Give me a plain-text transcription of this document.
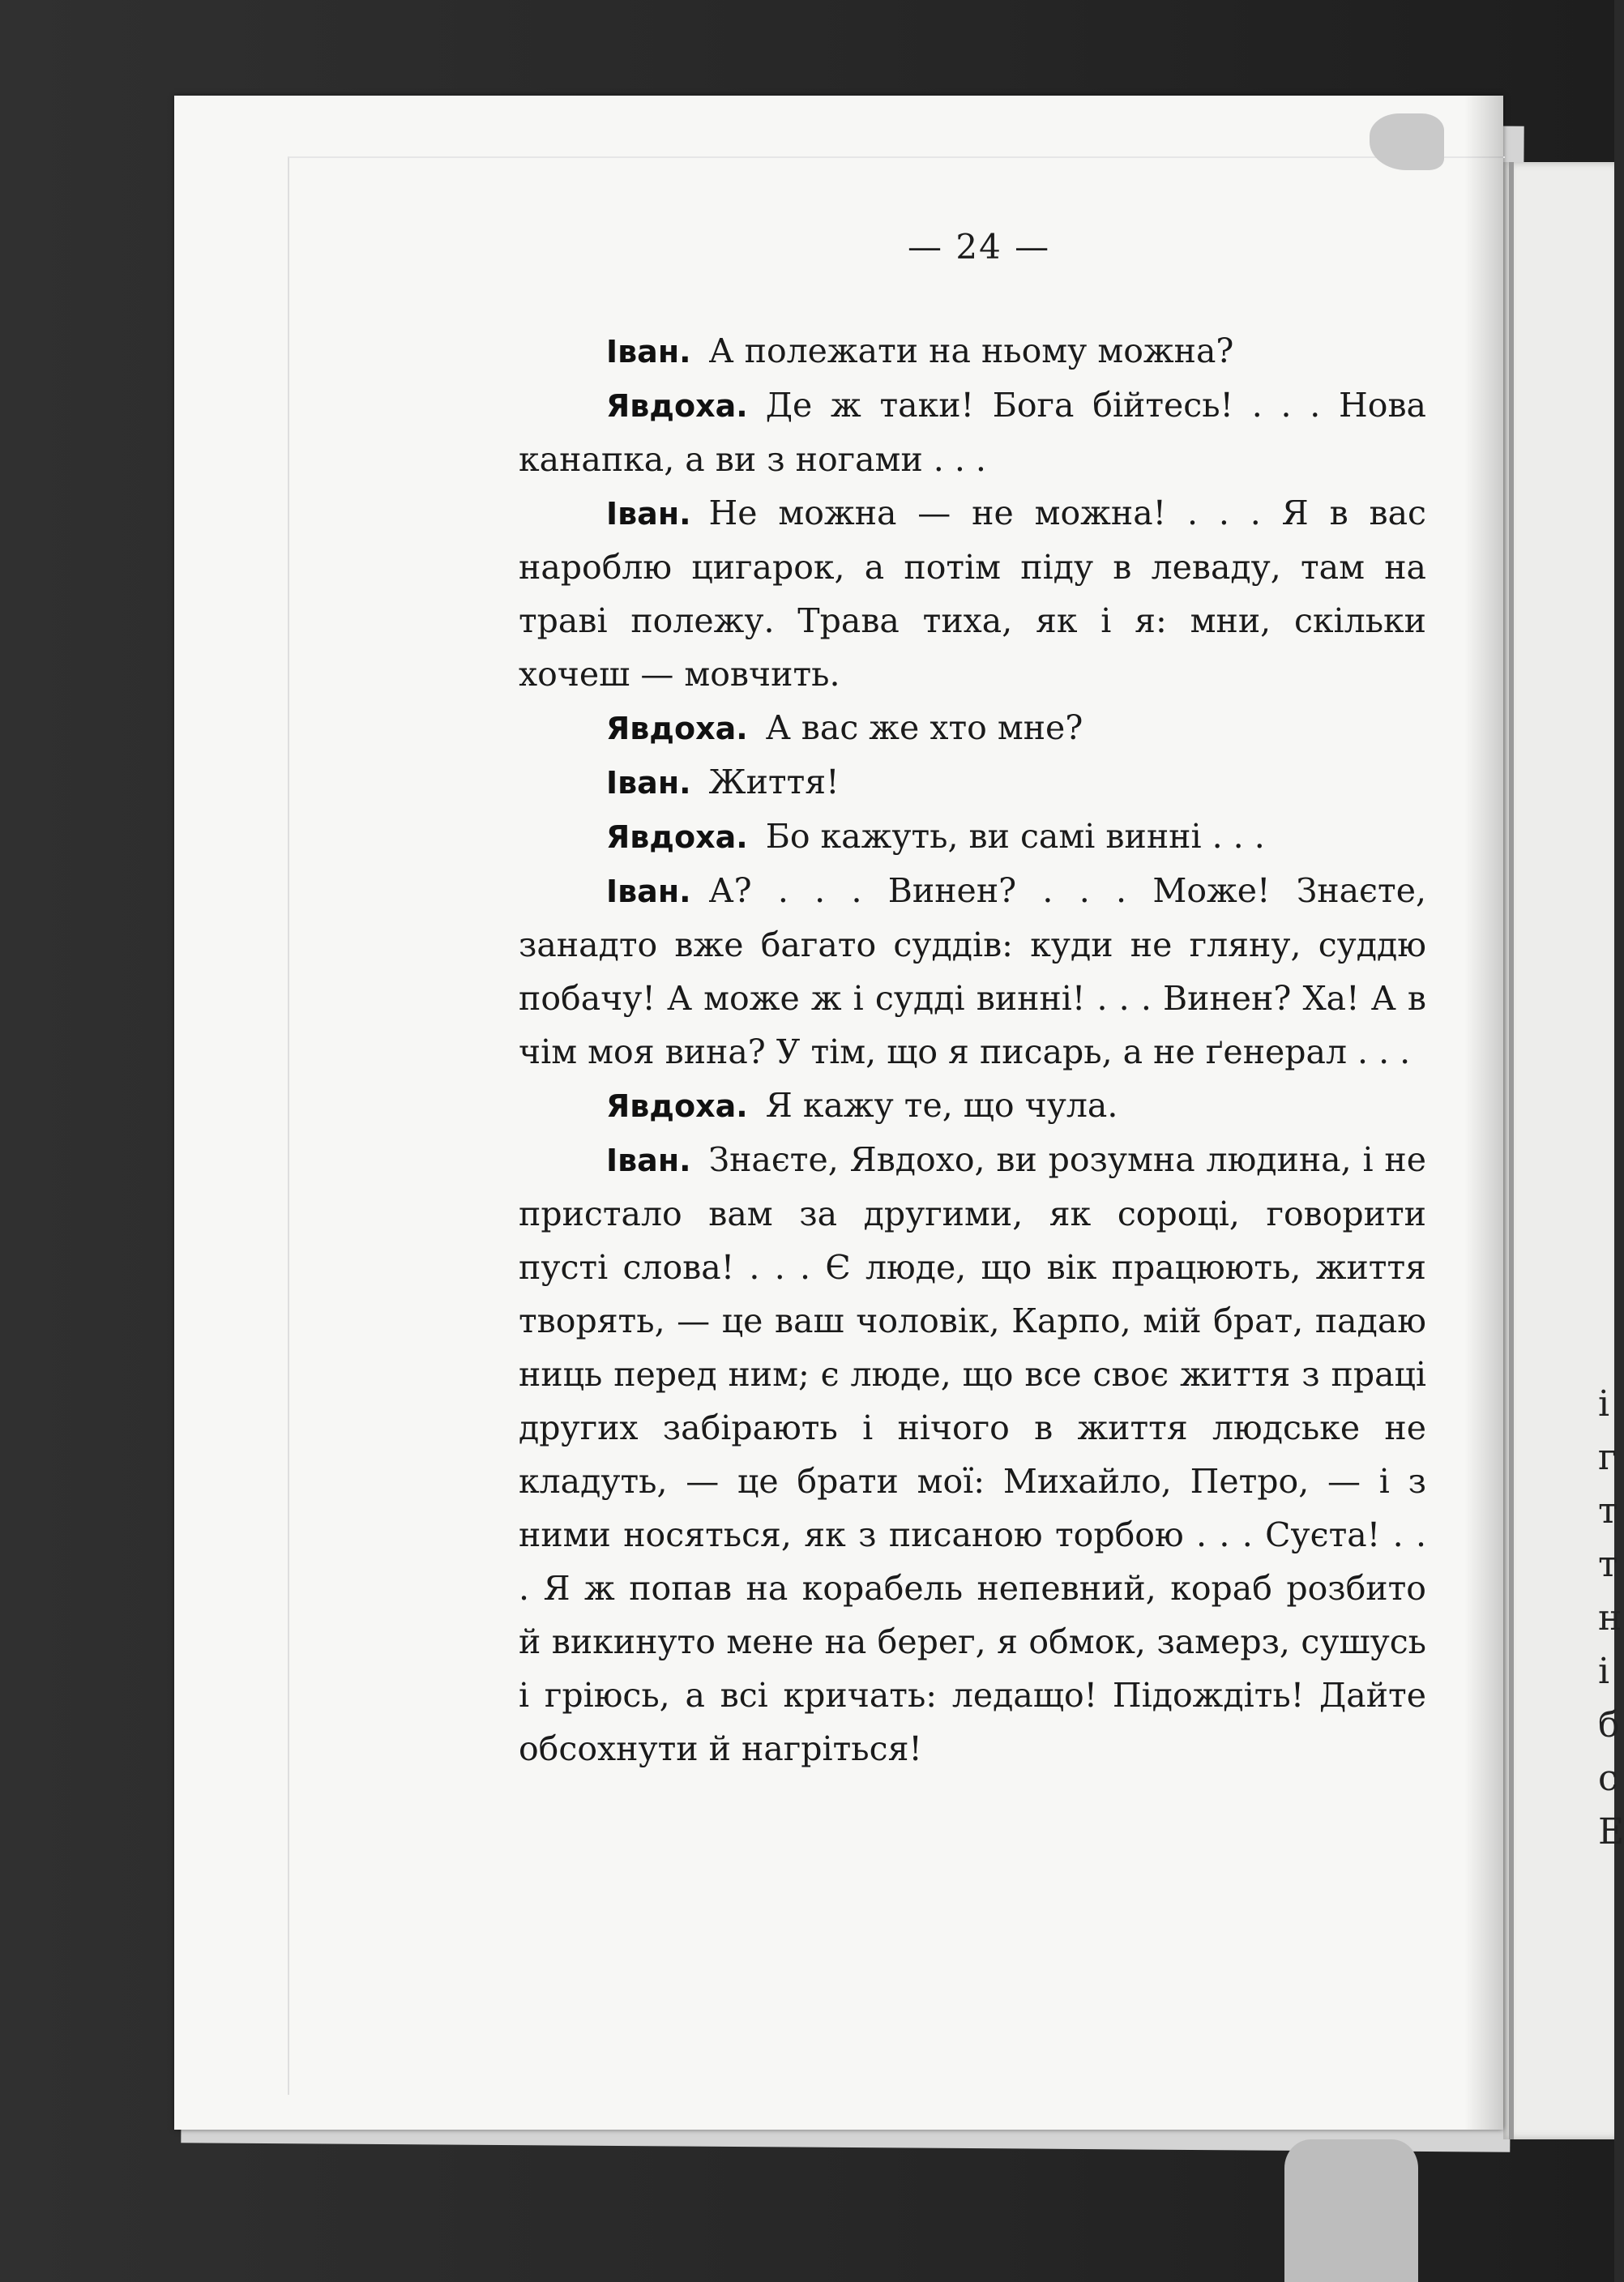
і
г
т
т
н
і
б
с
Е
— 24 —

Іван. А полежати на ньому можна?

Явдоха. Де ж таки! Бога бійтесь! . . . Нова канапка, а ви з ногами . . .

Іван. Не можна — не можна! . . . Я в вас нароблю цигарок, а потім піду в леваду, там на траві полежу. Трава тиха, як і я: мни, скільки хочеш — мовчить.

Явдоха. А вас же хто мне?

Іван. Життя!

Явдоха. Бо кажуть, ви самі винні . . .

Іван. А? . . . Винен? . . . Може! Знаєте, занадто вже багато суддів: куди не гляну, суддю побачу! А може ж і судді винні! . . . Винен? Ха! А в чім моя вина? У тім, що я писарь, а не ґенерал . . .

Явдоха. Я кажу те, що чула.

Іван. Знаєте, Явдохо, ви розумна людина, і не пристало вам за другими, як сороці, говорити пусті слова! . . . Є люде, що вік працюють, життя творять, — це ваш чоловік, Карпо, мій брат, падаю ниць перед ним; є люде, що все своє життя з праці других забірають і нічого в життя людське не кладуть, — це брати мої: Михайло, Петро, — і з ними носяться, як з писаною торбою . . . Суєта! . . . Я ж попав на корабель непевний, кораб розбито й викинуто мене на берег, я обмок, замерз, сушусь і гріюсь, а всі кричать: ледащо! Підождіть! Дайте обсохнути й нагріться!
